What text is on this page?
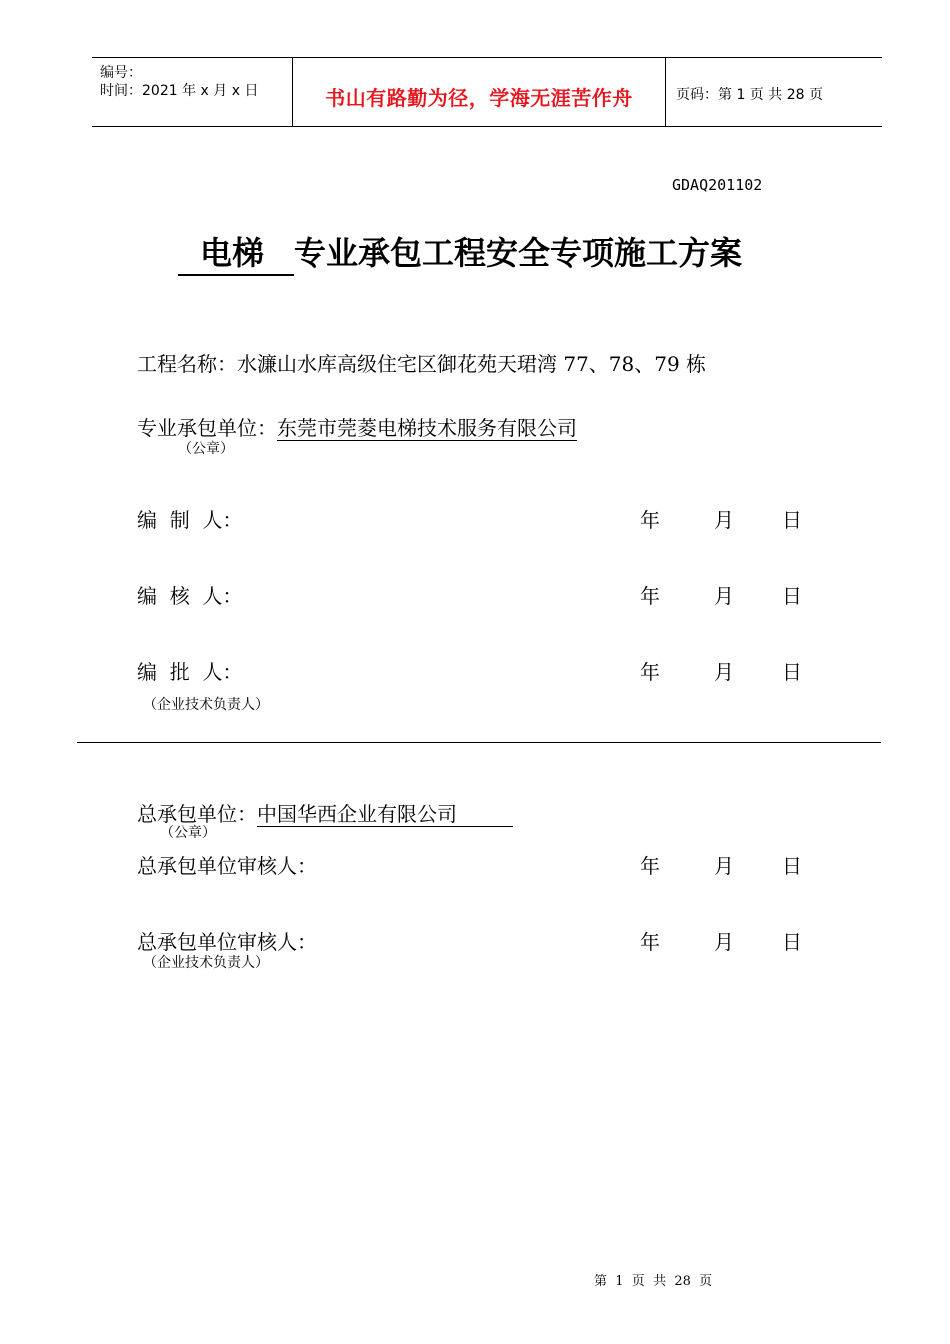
编号：
时间：2021 年 x 月 x 日	书山有路勤为径，学海无涯苦作舟	页码：第 1 页 共 28 页
GDAQ201102
电梯 专业承包工程安全专项施工方案
工程名称：水濂山水库高级住宅区御花苑天珺湾 77、78、79 栋
专业承包单位：东莞市莞菱电梯技术服务有限公司
（公章）
编  制  人：	年	月 日
编  核  人：	年	月 日
编  批  人：	年	月 日
（企业技术负责人）
总承包单位：中国华西企业有限公司
（公章）
总承包单位审核人：	年	月 日
总承包单位审核人：	年	月 日
（企业技术负责人）
第  1  页  共  28  页
